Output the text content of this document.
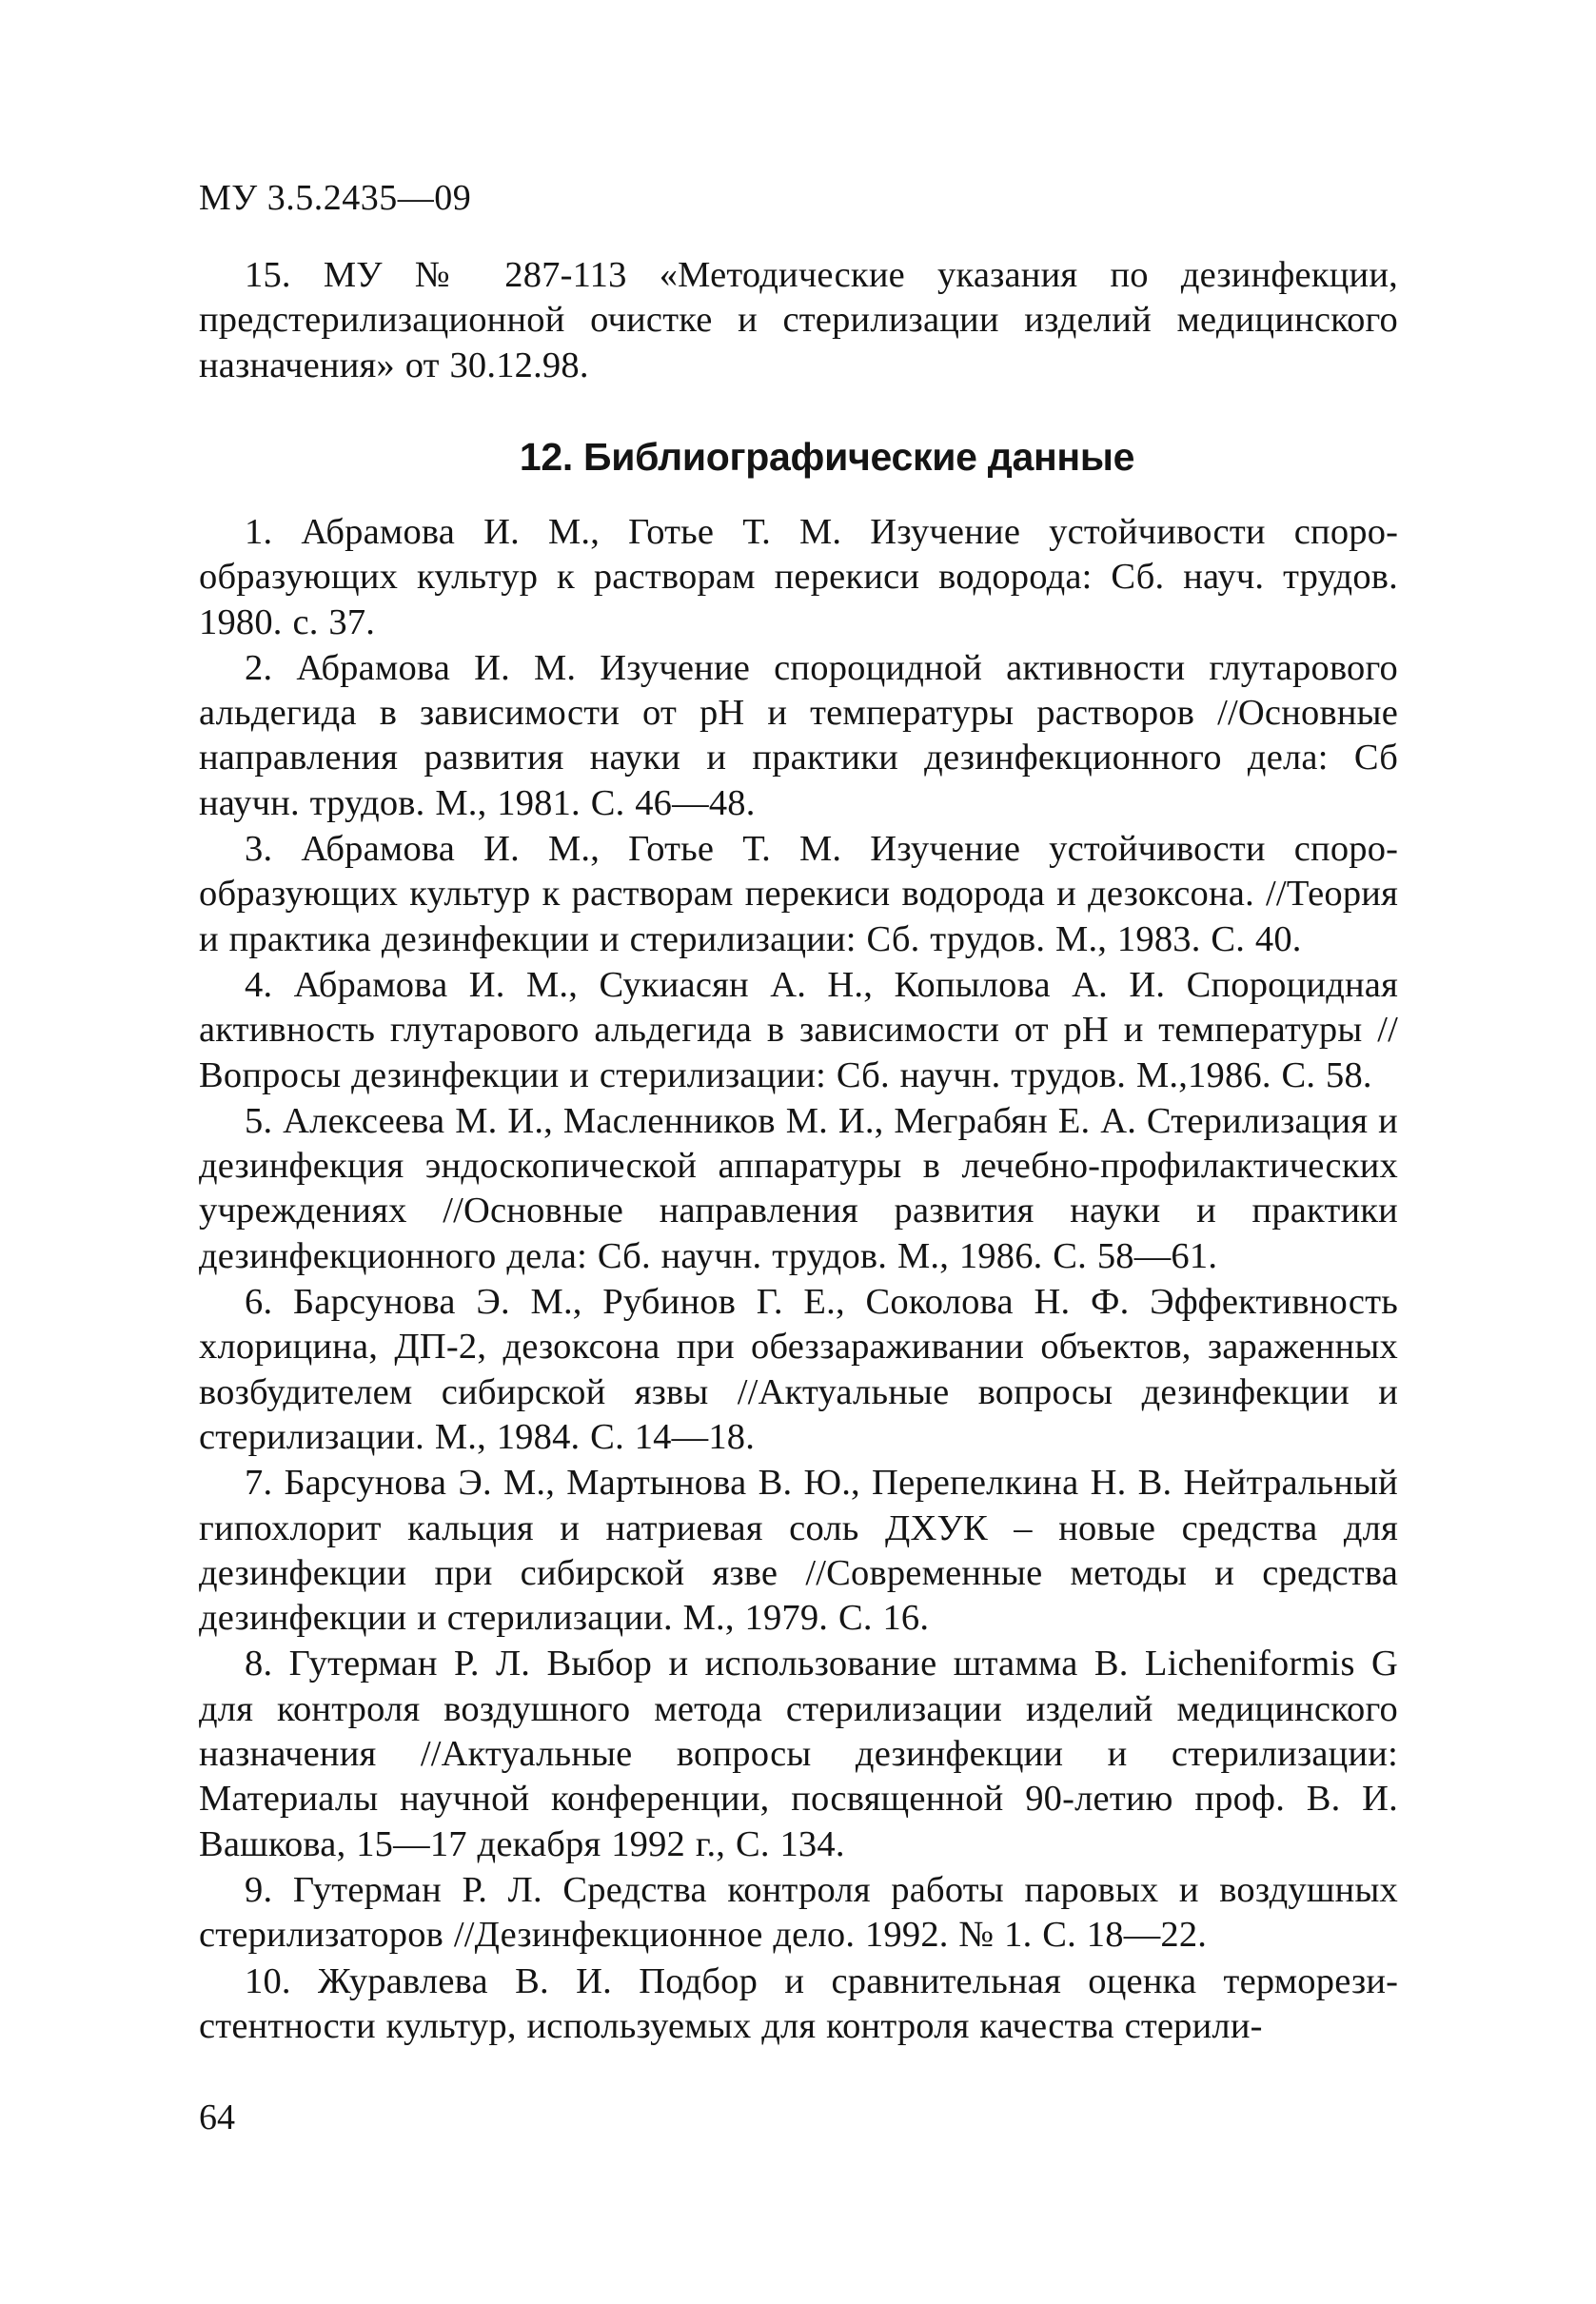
МУ 3.5.2435—09

15. МУ № 287-113 «Методические указания по дезинфекции, предстерилизационной очистке и стерилизации изделий медицинского назначения» от 30.12.98.

12. Библиографические данные

1. Абрамова И. М., Готье Т. М. Изучение устойчивости спорообразующих культур к растворам перекиси водорода: Сб. науч. трудов. 1980. с. 37.

2. Абрамова И. М. Изучение спороцидной активности глутарового альдегида в зависимости от pH и температуры растворов //Основные направления развития науки и практики дезинфекционного дела: Сб научн. трудов. М., 1981. С. 46—48.

3. Абрамова И. М., Готье Т. М. Изучение устойчивости спорообразующих культур к растворам перекиси водорода и дезоксона. //Теория и практика дезинфекции и стерилизации: Сб. трудов. М., 1983. С. 40.

4. Абрамова И. М., Сукиасян А. Н., Копылова А. И. Спороцидная активность глутарового альдегида в зависимости от pH и температуры //Вопросы дезинфекции и стерилизации: Сб. научн. трудов. М.,1986. С. 58.

5. Алексеева М. И., Масленников М. И., Меграбян Е. А. Стерилизация и дезинфекция эндоскопической аппаратуры в лечебно-профилактических учреждениях //Основные направления развития науки и практики дезинфекционного дела: Сб. научн. трудов. М., 1986. С. 58—61.

6. Барсунова Э. М., Рубинов Г. Е., Соколова Н. Ф. Эффективность хлорицина, ДП-2, дезоксона при обеззараживании объектов, зараженных возбудителем сибирской язвы //Актуальные вопросы дезинфекции и стерилизации. М., 1984. С. 14—18.

7. Барсунова Э. М., Мартынова В. Ю., Перепелкина Н. В. Нейтральный гипохлорит кальция и натриевая соль ДХУК – новые средства для дезинфекции при сибирской язве //Современные методы и средства дезинфекции и стерилизации. М., 1979. С. 16.

8. Гутерман Р. Л. Выбор и использование штамма B. Licheniformis G для контроля воздушного метода стерилизации изделий медицинского назначения //Актуальные вопросы дезинфекции и стерилизации: Материалы научной конференции, посвященной 90-летию проф. В. И. Вашкова, 15—17 декабря 1992 г., С. 134.

9. Гутерман Р. Л. Средства контроля работы паровых и воздушных стерилизаторов //Дезинфекционное дело. 1992. № 1. С. 18—22.

10. Журавлева В. И. Подбор и сравнительная оценка терморезистентности культур, используемых для контроля качества стерили-

64
